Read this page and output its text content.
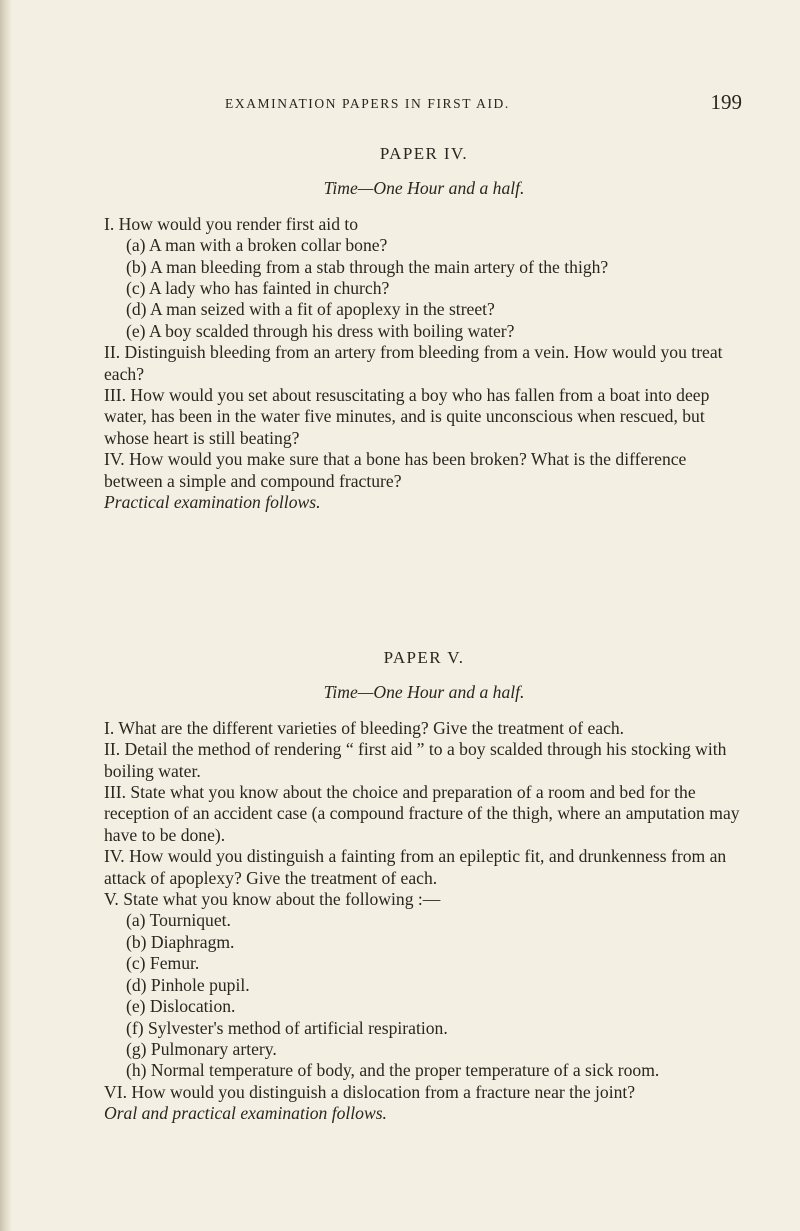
EXAMINATION PAPERS IN FIRST AID.	199

PAPER IV.

Time—One Hour and a half.

I. How would you render first aid to

(a) A man with a broken collar bone?

(b) A man bleeding from a stab through the main artery of the thigh?

(c) A lady who has fainted in church?

(d) A man seized with a fit of apoplexy in the street?

(e) A boy scalded through his dress with boiling water?

II. Distinguish bleeding from an artery from bleeding from a vein. How would you treat each?

III. How would you set about resuscitating a boy who has fallen from a boat into deep water, has been in the water five minutes, and is quite unconscious when rescued, but whose heart is still beating?

IV. How would you make sure that a bone has been broken? What is the difference between a simple and compound fracture?

Practical examination follows.

PAPER V.

Time—One Hour and a half.

I. What are the different varieties of bleeding? Give the treatment of each.

II. Detail the method of rendering “ first aid ” to a boy scalded through his stocking with boiling water.

III. State what you know about the choice and preparation of a room and bed for the reception of an accident case (a compound fracture of the thigh, where an amputation may have to be done).

IV. How would you distinguish a fainting from an epileptic fit, and drunkenness from an attack of apoplexy? Give the treatment of each.

V. State what you know about the following :—

(a) Tourniquet.

(b) Diaphragm.

(c) Femur.

(d) Pinhole pupil.

(e) Dislocation.

(f) Sylvester's method of artificial respiration.

(g) Pulmonary artery.

(h) Normal temperature of body, and the proper temperature of a sick room.

VI. How would you distinguish a dislocation from a fracture near the joint?

Oral and practical examination follows.
